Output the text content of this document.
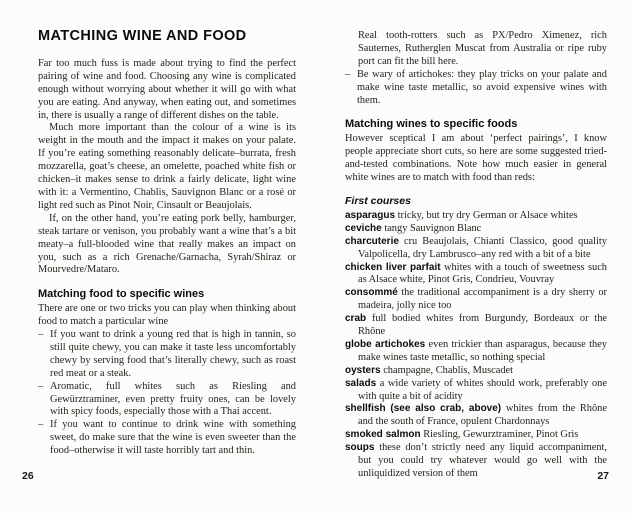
MATCHING WINE AND FOOD

Far too much fuss is made about trying to find the perfect pairing of wine and food. Choosing any wine is complicated enough without worrying about whether it will go with what you are eating. And anyway, when eating out, and sometimes in, there is usually a range of different dishes on the table.

Much more important than the colour of a wine is its weight in the mouth and the impact it makes on your palate. If you’re eating something reasonably delicate–burrata, fresh mozzarella, goat’s cheese, an omelette, poached white fish or chicken–it makes sense to drink a fairly delicate, light wine with it: a Vermentino, Chablis, Sauvignon Blanc or a rosé or light red such as Pinot Noir, Cinsault or Beaujolais.

If, on the other hand, you’re eating pork belly, hamburger, steak tartare or venison, you probably want a wine that’s a bit meaty–a full-blooded wine that really makes an impact on you, such as a rich Grenache/Garnacha, Syrah/Shiraz or Mourvedre/Mataro.

Matching food to specific wines

There are one or two tricks you can play when thinking about food to match a particular wine

– If you want to drink a young red that is high in tannin, so still quite chewy, you can make it taste less uncomfortably chewy by serving food that’s literally chewy, such as roast red meat or a steak.
– Aromatic, full whites such as Riesling and Gewürztraminer, even pretty fruity ones, can be lovely with spicy foods, especially those with a Thai accent.
– If you want to continue to drink wine with something sweet, do make sure that the wine is even sweeter than the food–otherwise it will taste horribly tart and thin.

Real tooth-rotters such as PX/Pedro Ximenez, rich Sauternes, Rutherglen Muscat from Australia or ripe ruby port can fit the bill here.

– Be wary of artichokes: they play tricks on your palate and make wine taste metallic, so avoid expensive wines with them.
Matching wines to specific foods

However sceptical I am about ‘perfect pairings’, I know people appreciate short cuts, so here are some suggested tried-and-tested combinations. Note how much easier in general white wines are to match with food than reds:

First courses

asparagus tricky, but try dry German or Alsace whites

ceviche tangy Sauvignon Blanc

charcuterie cru Beaujolais, Chianti Classico, good quality Valpolicella, dry Lambrusco–any red with a bit of a bite

chicken liver parfait whites with a touch of sweetness such as Alsace white, Pinot Gris, Condrieu, Vouvray

consommé the traditional accompaniment is a dry sherry or madeira, jolly nice too

crab full bodied whites from Burgundy, Bordeaux or the Rhône

globe artichokes even trickier than asparagus, because they make wines taste metallic, so nothing special

oysters champagne, Chablis, Muscadet

salads a wide variety of whites should work, preferably one with quite a bit of acidity

shellfish (see also crab, above) whites from the Rhône and the south of France, opulent Chardonnays

smoked salmon Riesling, Gewurztraminer, Pinot Gris

soups these don’t strictly need any liquid accompaniment, but you could try whatever would go well with the unliquidized version of them

26	27
